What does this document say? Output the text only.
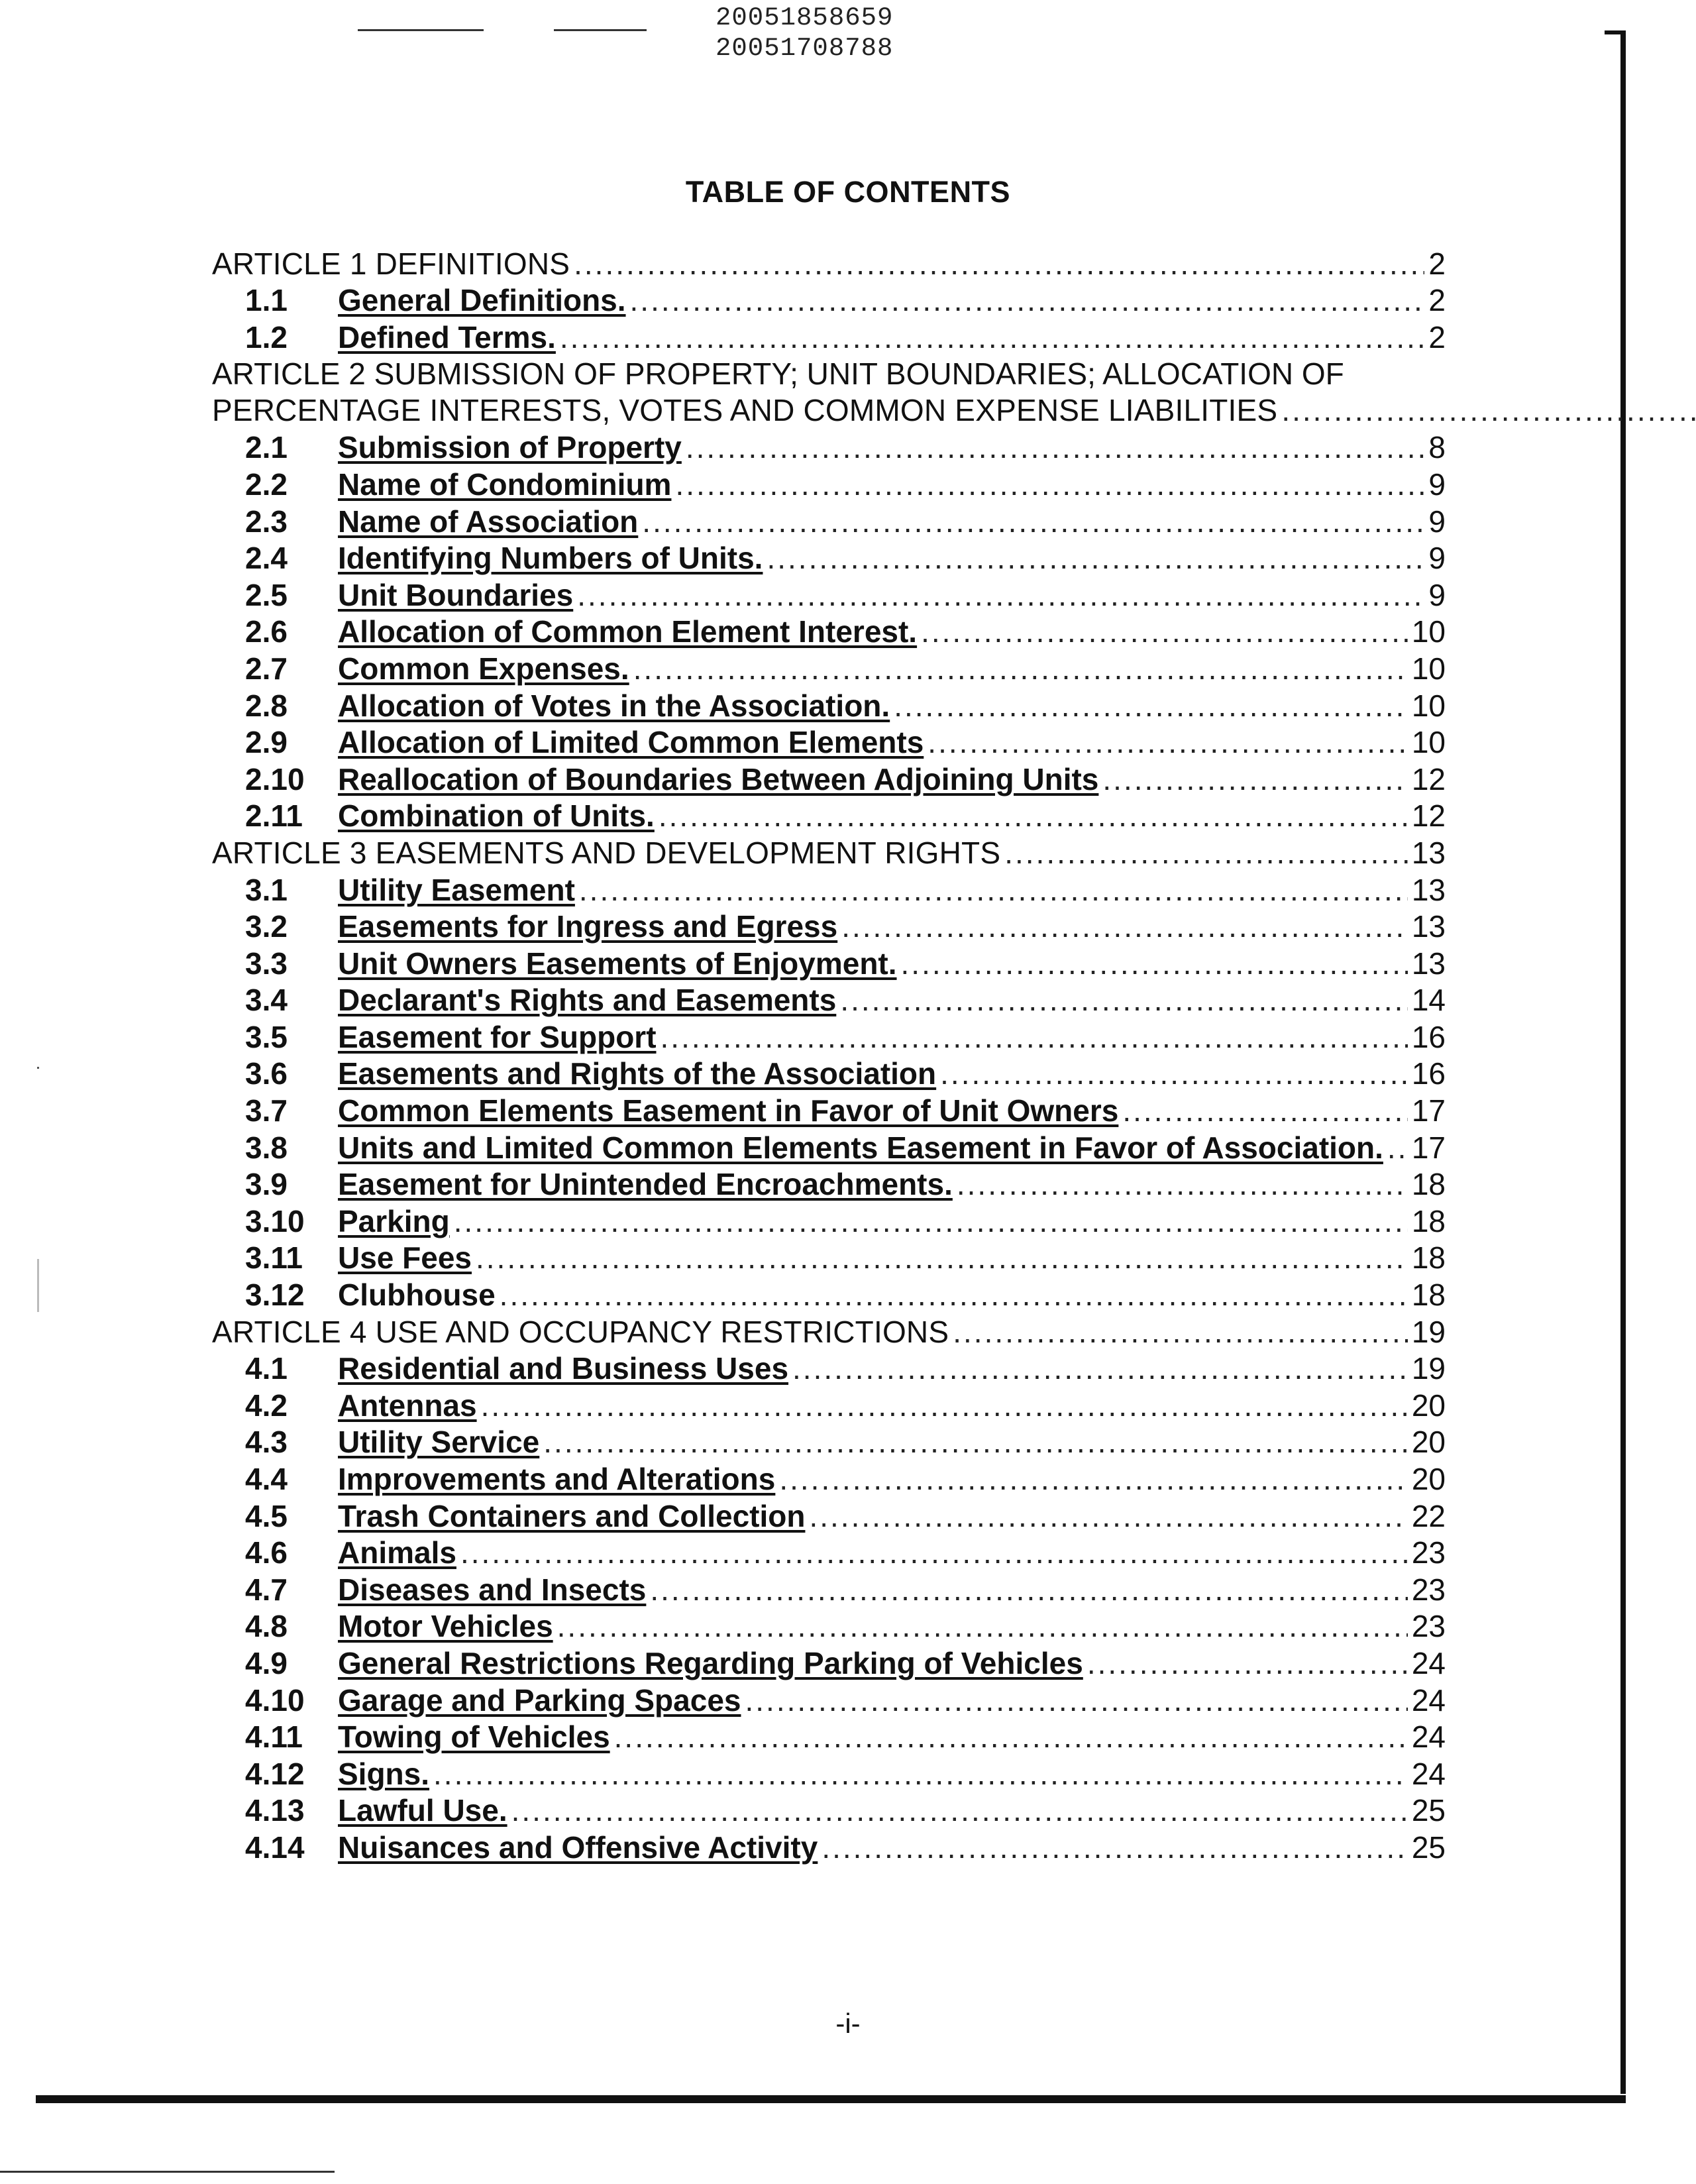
20051858659
20051708788
TABLE OF CONTENTS
ARTICLE 1 DEFINITIONS .....	2
1.1	General Definitions. .....	2
1.2	Defined Terms. .....	2
ARTICLE 2 SUBMISSION OF PROPERTY; UNIT BOUNDARIES; ALLOCATION OF
PERCENTAGE INTERESTS, VOTES AND COMMON EXPENSE LIABILITIES
.....
2.1	Submission of Property .....	8
2.2	Name of Condominium .....	9
2.3	Name of Association .....	9
2.4	Identifying Numbers of Units. .....	9
2.5	Unit Boundaries .....	9
2.6	Allocation of Common Element Interest. .....	10
2.7	Common Expenses. .....	10
2.8	Allocation of Votes in the Association. .....	10
2.9	Allocation of Limited Common Elements .....	10
2.10	Reallocation of Boundaries Between Adjoining Units .....	12
2.11	Combination of Units. .....	12
ARTICLE 3 EASEMENTS AND DEVELOPMENT RIGHTS .....	13
3.1	Utility Easement .....	13
3.2	Easements for Ingress and Egress .....	13
3.3	Unit Owners Easements of Enjoyment. .....	13
3.4	Declarant's Rights and Easements .....	14
3.5	Easement for Support .....	16
3.6	Easements and Rights of the Association .....	16
3.7	Common Elements Easement in Favor of Unit Owners .....	17
3.8	Units and Limited Common Elements Easement in Favor of Association. ..... 17
3.9	Easement for Unintended Encroachments. .....	18
3.10	Parking .....	18
3.11	Use Fees .....	18
3.12	Clubhouse .....	18
ARTICLE 4 USE AND OCCUPANCY RESTRICTIONS .....	19
4.1	Residential and Business Uses .....	19
4.2	Antennas .....	20
4.3	Utility Service .....	20
4.4	Improvements and Alterations .....	20
4.5	Trash Containers and Collection .....	22
4.6	Animals .....	23
4.7	Diseases and Insects .....	23
4.8	Motor Vehicles .....	23
4.9	General Restrictions Regarding Parking of Vehicles .....	24
4.10	Garage and Parking Spaces .....	24
4.11	Towing of Vehicles .....	24
4.12	Signs. .....	24
4.13	Lawful Use. .....	25
4.14	Nuisances and Offensive Activity .....	25
-i-
